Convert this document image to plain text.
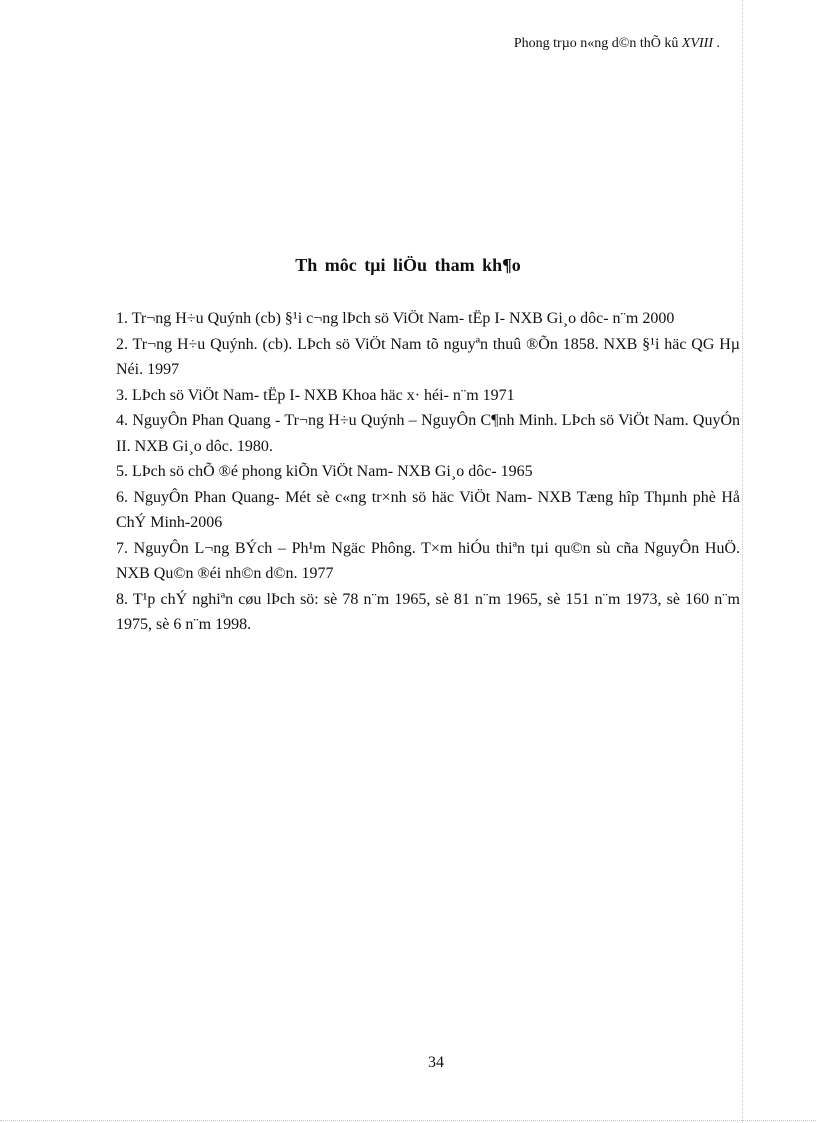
Phong trµo n«ng d©n thÕ kû XVIII .
Th môc tµi liÖu tham kh¶o

1. Tr¬ng H÷u Quýnh (cb) §¹i c¬ng lÞch sö ViÖt Nam- tËp I- NXB Gi¸o dôc- n¨m 2000

2. Tr¬ng H÷u Quýnh. (cb). LÞch sö ViÖt Nam tõ nguyªn thuû ®Õn 1858. NXB §¹i häc QG Hµ Néi. 1997

3. LÞch sö ViÖt Nam- tËp I- NXB Khoa häc x· héi- n¨m 1971

4. NguyÔn Phan Quang - Tr¬ng H÷u Quýnh – NguyÔn C¶nh Minh. LÞch sö ViÖt Nam. QuyÓn II. NXB Gi¸o dôc. 1980.

5. LÞch sö chÕ ®é phong kiÕn ViÖt Nam- NXB Gi¸o dôc- 1965

6. NguyÔn Phan Quang- Mét sè c«ng tr×nh sö häc ViÖt Nam- NXB Tæng hîp Thµnh phè Hå ChÝ Minh-2006

7. NguyÔn L¬ng BÝch – Ph¹m Ngäc Phông. T×m hiÓu thiªn tµi qu©n sù cña NguyÔn HuÖ. NXB Qu©n ®éi nh©n d©n. 1977

8. T¹p chÝ nghiªn cøu lÞch sö: sè 78 n¨m 1965, sè 81 n¨m 1965, sè 151 n¨m 1973, sè 160 n¨m 1975, sè 6 n¨m 1998.

34
